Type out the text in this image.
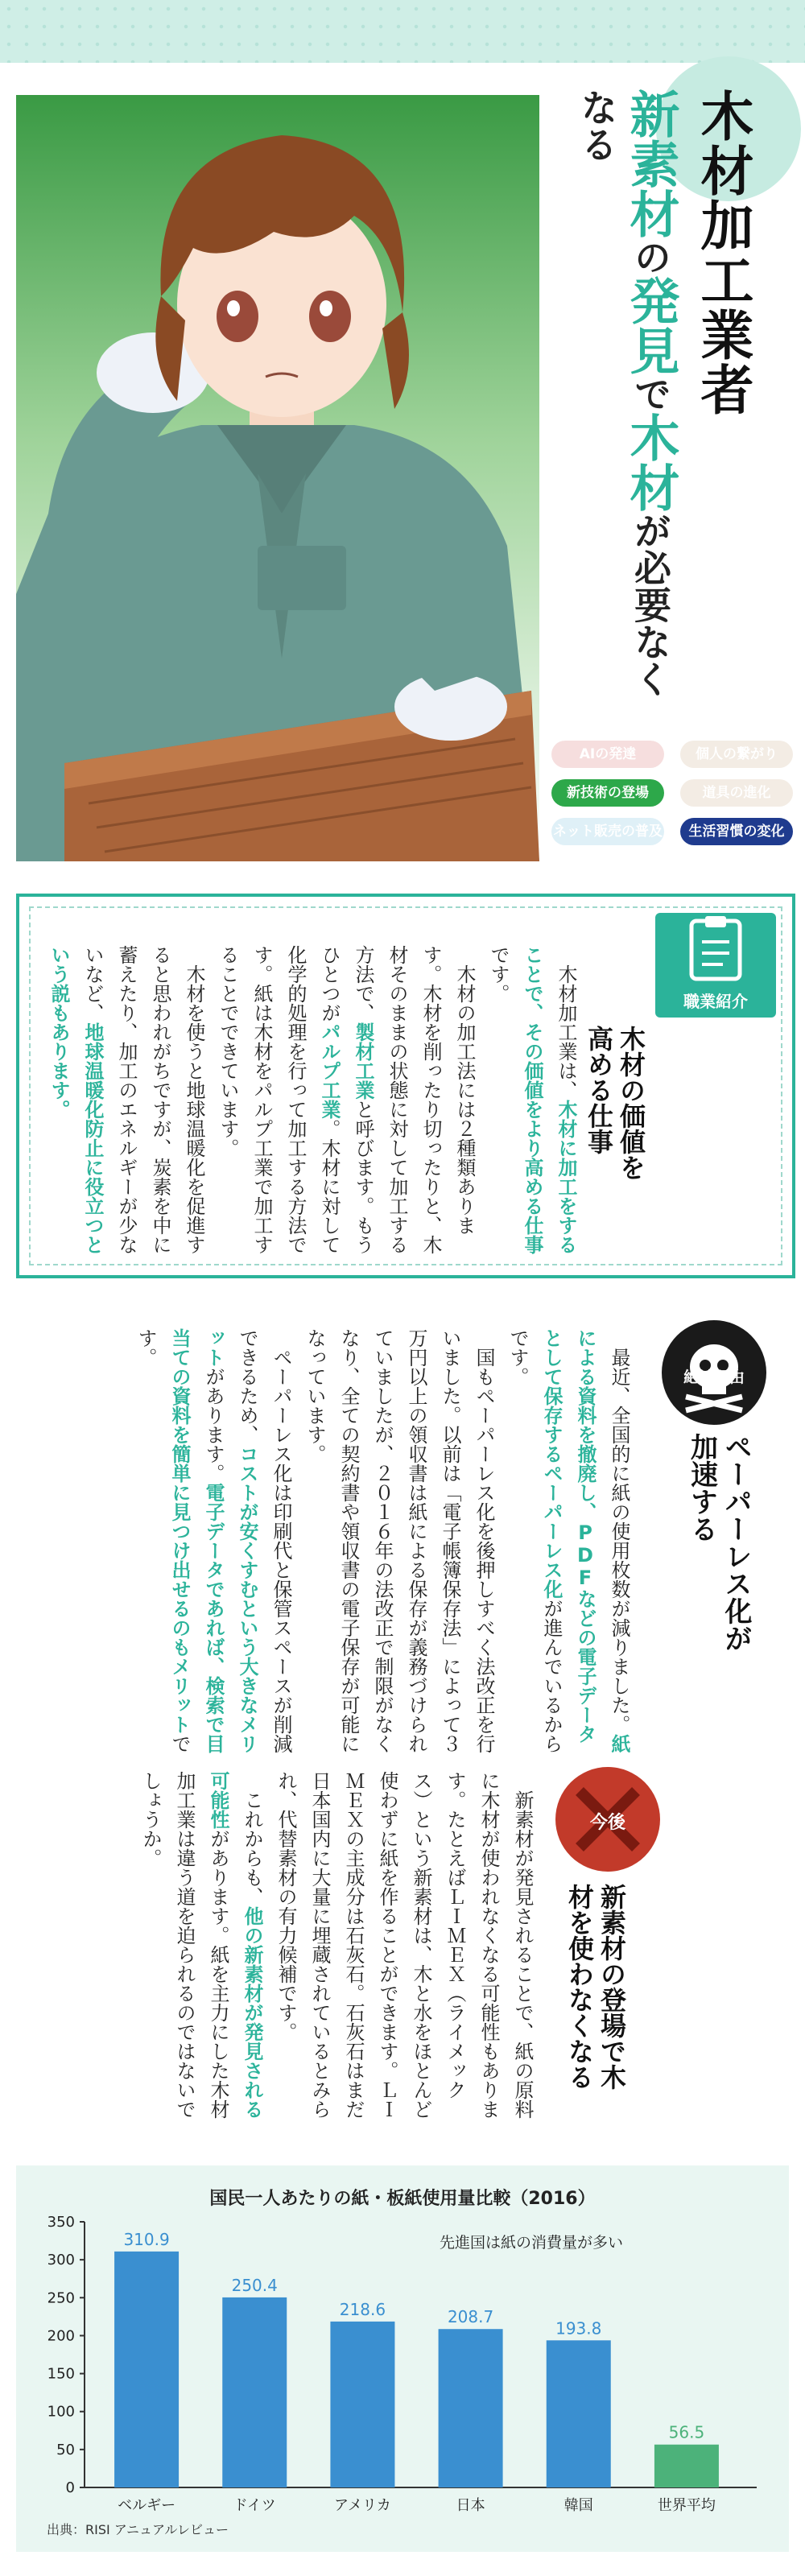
木材加工業者
新素材の発見で木材が必要なくなる
AIの発達	個人の繋がり
新技術の登場	道具の進化
ネット販売の普及	生活習慣の変化
職業紹介
木材の価値を
高める仕事

木材加工業は、木材に加工をすることで、その価値をより高める仕事です。

木材の加工法には２種類あります。木材を削ったり切ったりと、木材そのままの状態に対して加工する方法で、製材工業と呼びます。もうひとつがパルプ工業。木材に対して化学的処理を行って加工する方法です。紙は木材をパルプ工業で加工することでできています。

木材を使うと地球温暖化を促進すると思われがちですが、炭素を中に蓄えたり、加工のエネルギーが少ないなど、地球温暖化防止に役立つという説もあります。

絶滅理由
ペーパーレス化が
加速する

最近、全国的に紙の使用枚数が減りました。紙による資料を撤廃し、PDFなどの電子データとして保存するペーパーレス化が進んでいるからです。

国もペーパーレス化を後押しすべく法改正を行いました。以前は「電子帳簿保存法」によって３万円以上の領収書は紙による保存が義務づけられていましたが、２０１６年の法改正で制限がなくなり、全ての契約書や領収書の電子保存が可能になっています。

ペーパーレス化は印刷代と保管スペースが削減できるため、コストが安くすむという大きなメリットがあります。電子データであれば、検索で目当ての資料を簡単に見つけ出せるのもメリットです。

今後
新素材の登場で木
材を使わなくなる

新素材が発見されることで、紙の原料に木材が使われなくなる可能性もあります。たとえばＬＩＭＥＸ（ライメックス）という新素材は、木と水をほとんど使わずに紙を作ることができます。ＬＩＭＥＸの主成分は石灰石。石灰石はまだ日本国内に大量に埋蔵されているとみられ、代替素材の有力候補です。

これからも、他の新素材が発見される可能性があります。紙を主力にした木材加工業は違う道を迫られるのではないでしょうか。

国民一人あたりの紙・板紙使用量比較（2016）
0
50
100
150
200
250
300
350
310.9
ベルギー
250.4
ドイツ
218.6
アメリカ
208.7
日本
193.8
韓国
56.5
世界平均
先進国は紙の消費量が多い
出典：RISI アニュアルレビュー
